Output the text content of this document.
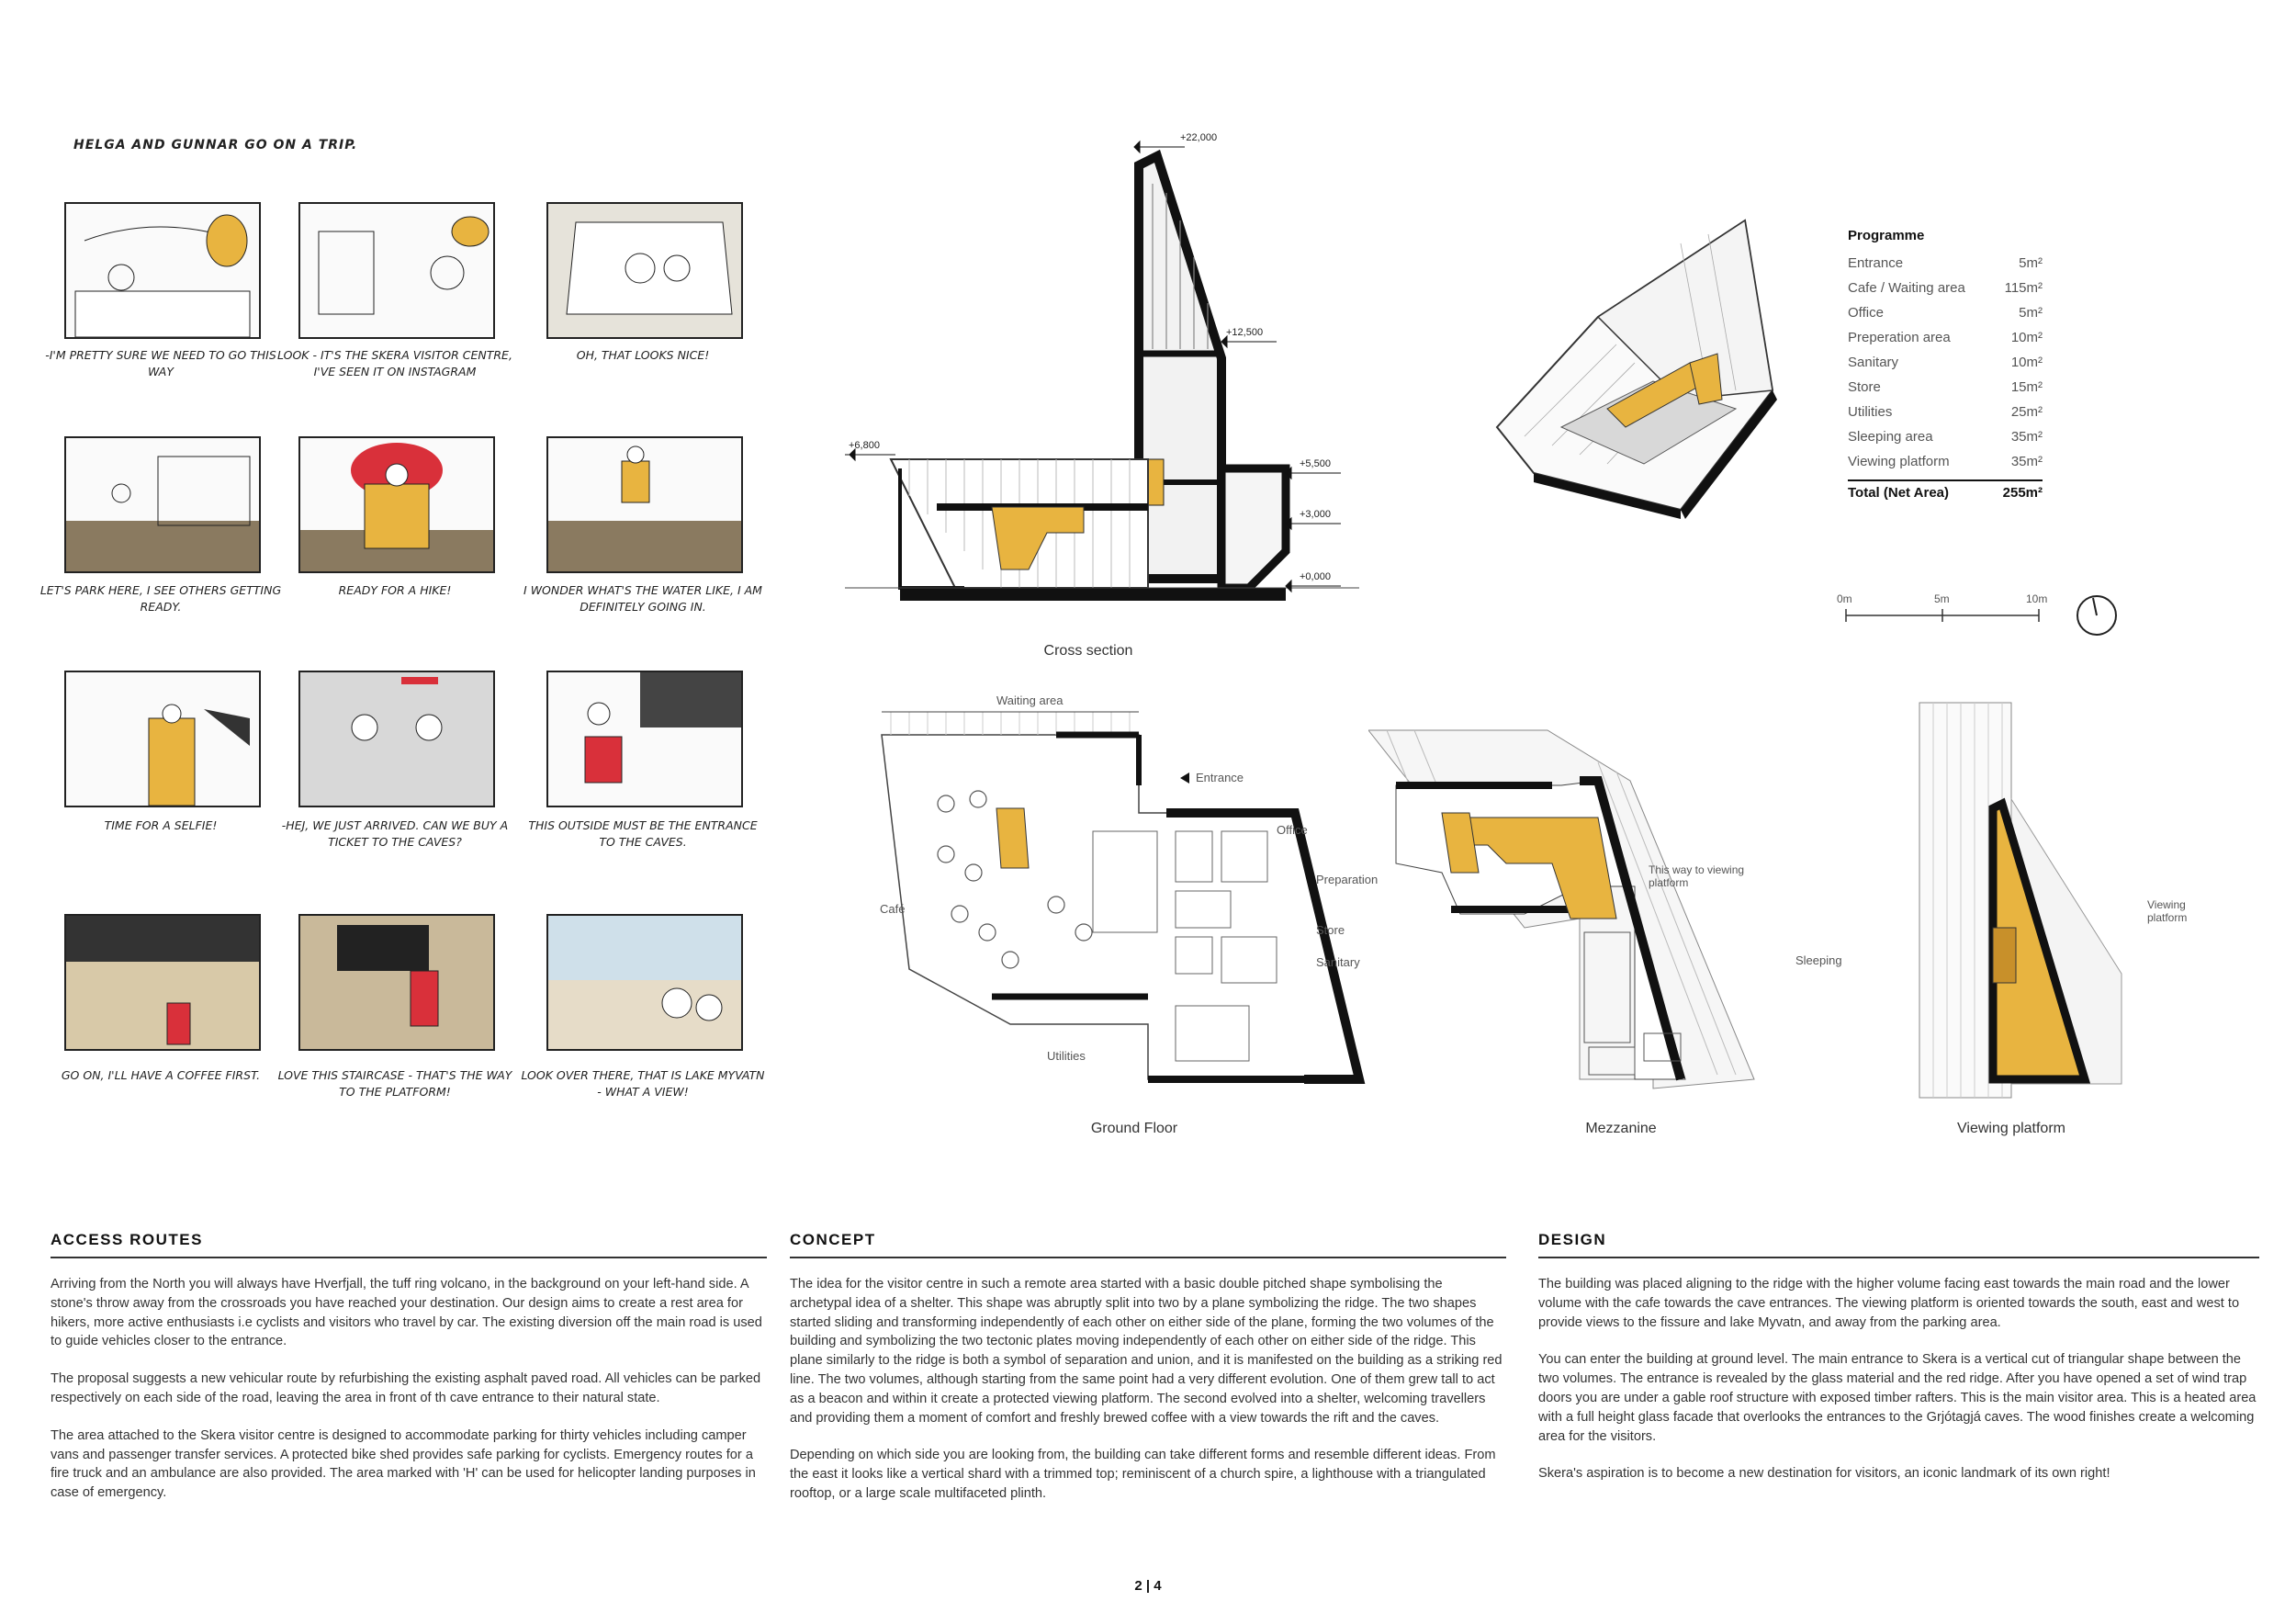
HELGA AND GUNNAR GO ON A TRIP.
-I'M PRETTY SURE WE NEED TO GO THIS WAY
LOOK - IT'S THE SKERA VISITOR CENTRE, I'VE SEEN IT ON INSTAGRAM
OH, THAT LOOKS NICE!
LET'S PARK HERE, I SEE OTHERS GETTING READY.
READY FOR A HIKE!	I WONDER WHAT'S THE WATER LIKE, I AM DEFINITELY GOING IN.
TIME FOR A SELFIE!	-HEJ, WE JUST ARRIVED. CAN WE BUY A TICKET TO THE CAVES?
THIS OUTSIDE MUST BE THE ENTRANCE TO THE CAVES.
GO ON, I'LL HAVE A COFFEE FIRST.	LOVE THIS STAIRCASE - THAT'S THE WAY TO THE PLATFORM!
LOOK OVER THERE, THAT IS LAKE MYVATN - WHAT A VIEW!
+22,000
+12,500
+6,800
+5,500
+3,000
+0,000
Cross section
Programme
Entrance	5m²
Cafe / Waiting area	115m²
Office	5m²
Preperation area	10m²
Sanitary	10m²
Store	15m²
Utilities	25m²
Sleeping area	35m²
Viewing platform	35m²
Total (Net Area)	255m²
0m	5m	10m
Waiting area
Entrance
Office
Café
Preparation
Store
Sanitary
Utilities
Ground Floor
This way to viewing platform
Sleeping
Mezzanine
Viewing platform
Viewing platform
ACCESS ROUTES

Arriving from the North you will always have Hverfjall, the tuff ring volcano, in the background on your left-hand side. A stone's throw away from the crossroads you have reached your destination. Our design aims to create a rest area for hikers, more active enthusiasts i.e cyclists and visitors who travel by car. The existing diversion off the main road is used to guide vehicles closer to the entrance.

The proposal suggests a new vehicular route by refurbishing the existing asphalt paved road. All vehicles can be parked respectively on each side of the road, leaving the area in front of th cave entrance to their natural state.

The area attached to the Skera visitor centre is designed to accommodate parking for thirty vehicles including camper vans and passenger transfer services. A protected bike shed provides safe parking for cyclists. Emergency routes for a fire truck and an ambulance are also provided. The area marked with 'H' can be used for helicopter landing purposes in case of emergency.

CONCEPT

The idea for the visitor centre in such a remote area started with a basic double pitched shape symbolising the archetypal idea of a shelter. This shape was abruptly split into two by a plane symbolizing the ridge. The two shapes started sliding and transforming independently of each other on either side of the plane, forming the two volumes of the building and symbolizing the two tectonic plates moving independently of each other on either side of the ridge. This plane similarly to the ridge is both a symbol of separation and union, and it is manifested on the building as a striking red line. The two volumes, although starting from the same point had a very different evolution. One of them grew tall to act as a beacon and within it create a protected viewing platform. The second evolved into a shelter, welcoming travellers and providing them a moment of comfort and freshly brewed coffee with a view towards the rift and the caves.

Depending on which side you are looking from, the building can take different forms and resemble different ideas. From the east it looks like a vertical shard with a trimmed top; reminiscent of a church spire, a lighthouse with a triangulated rooftop, or a large scale multifaceted plinth.

DESIGN

The building was placed aligning to the ridge with the higher volume facing east towards the main road and the lower volume with the cafe towards the cave entrances. The viewing platform is oriented towards the south, east and west to provide views to the fissure and lake Myvatn, and away from the parking area.

You can enter the building at ground level. The main entrance to Skera is a vertical cut of triangular shape between the two volumes. The entrance is revealed by the glass material and the red ridge. After you have opened a set of wind trap doors you are under a gable roof structure with exposed timber rafters. This is the main visitor area. This is a heated area with a full height glass facade that overlooks the entrances to the Grjótagjá caves. The wood finishes create a welcoming area for the visitors.

Skera's aspiration is to become a new destination for visitors, an iconic landmark of its own right!

2 | 4
